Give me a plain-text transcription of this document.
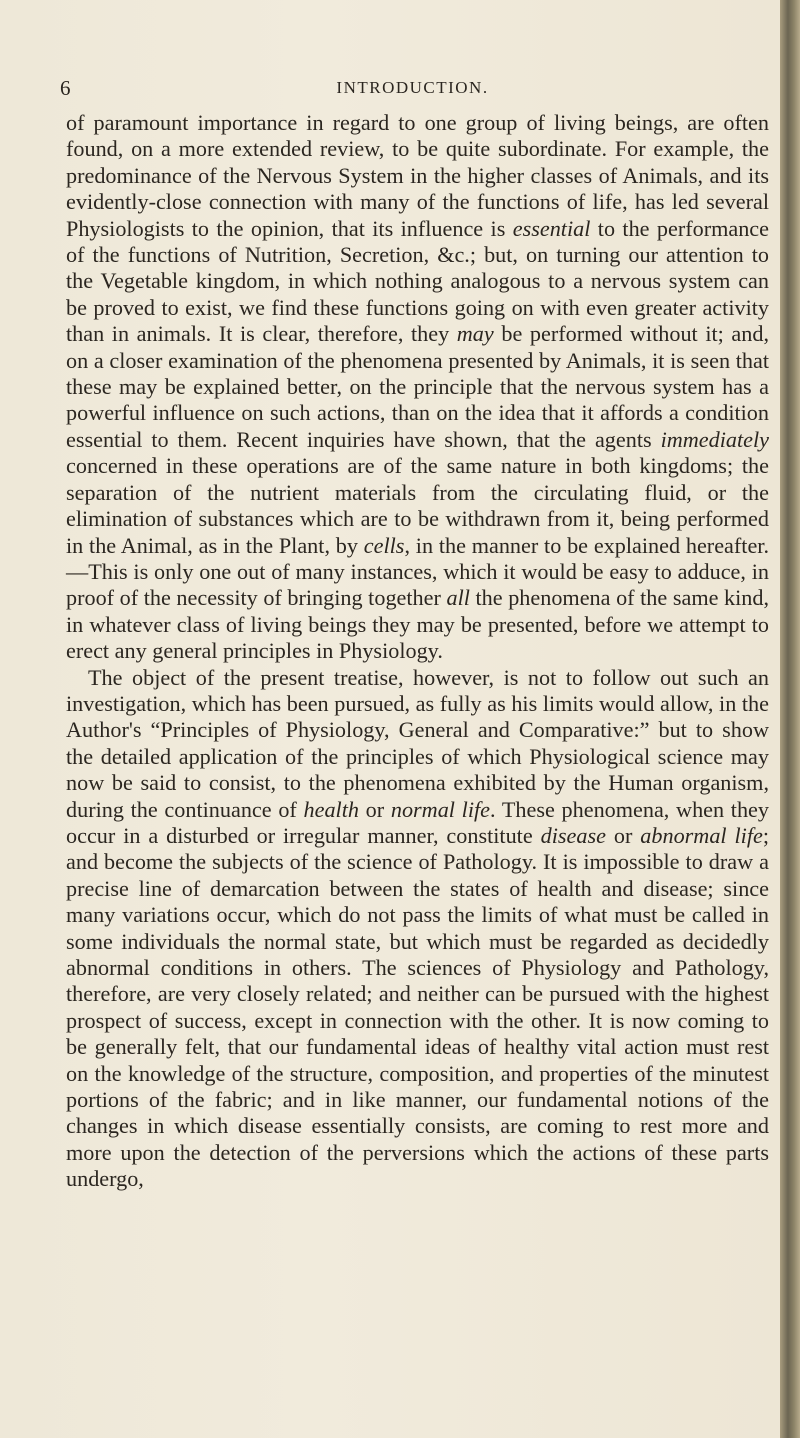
6	INTRODUCTION.

of paramount importance in regard to one group of living beings, are often found, on a more extended review, to be quite subordinate. For example, the predominance of the Nervous System in the higher classes of Animals, and its evidently-close connection with many of the functions of life, has led several Physiologists to the opinion, that its influence is essential to the performance of the functions of Nutrition, Secretion, &c.; but, on turning our attention to the Vegetable kingdom, in which nothing analogous to a nervous system can be proved to exist, we find these functions going on with even greater activity than in animals. It is clear, therefore, they may be performed without it; and, on a closer examination of the phenomena presented by Animals, it is seen that these may be explained better, on the principle that the nervous system has a powerful influence on such actions, than on the idea that it affords a condition essential to them. Recent inquiries have shown, that the agents immediately concerned in these operations are of the same nature in both kingdoms; the separation of the nutrient materials from the circulating fluid, or the elimination of substances which are to be withdrawn from it, being performed in the Animal, as in the Plant, by cells, in the manner to be explained hereafter. —This is only one out of many instances, which it would be easy to adduce, in proof of the necessity of bringing together all the phenomena of the same kind, in whatever class of living beings they may be presented, before we attempt to erect any general principles in Physiology.

The object of the present treatise, however, is not to follow out such an investigation, which has been pursued, as fully as his limits would allow, in the Author's “Principles of Physiology, General and Comparative:” but to show the detailed application of the principles of which Physiological science may now be said to consist, to the phenomena exhibited by the Human organism, during the continuance of health or normal life. These phenomena, when they occur in a disturbed or irregular manner, constitute disease or abnormal life; and become the subjects of the science of Pathology. It is impossible to draw a precise line of demarcation between the states of health and disease; since many variations occur, which do not pass the limits of what must be called in some individuals the normal state, but which must be regarded as decidedly abnormal conditions in others. The sciences of Physiology and Pathology, therefore, are very closely related; and neither can be pursued with the highest prospect of success, except in connection with the other. It is now coming to be generally felt, that our fundamental ideas of healthy vital action must rest on the knowledge of the structure, composition, and properties of the minutest portions of the fabric; and in like manner, our fundamental notions of the changes in which disease essentially consists, are coming to rest more and more upon the detection of the perversions which the actions of these parts undergo,
